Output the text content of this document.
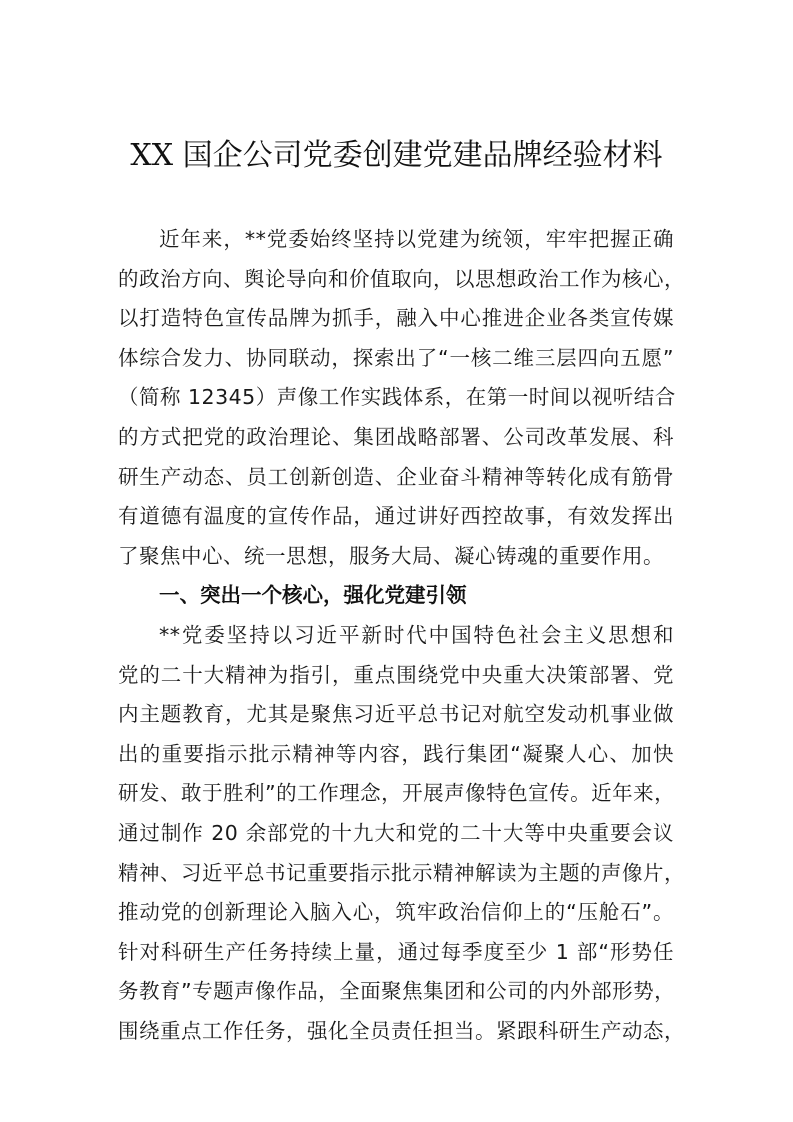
XX 国企公司党委创建党建品牌经验材料
近年来，**党委始终坚持以党建为统领，牢牢把握正确
的政治方向、舆论导向和价值取向，以思想政治工作为核心，
以打造特色宣传品牌为抓手，融入中心推进企业各类宣传媒
体综合发力、协同联动，探索出了“一核二维三层四向五愿”
（简称 12345）声像工作实践体系，在第一时间以视听结合
的方式把党的政治理论、集团战略部署、公司改革发展、科
研生产动态、员工创新创造、企业奋斗精神等转化成有筋骨
有道德有温度的宣传作品，通过讲好西控故事，有效发挥出
了聚焦中心、统一思想，服务大局、凝心铸魂的重要作用。
一、突出一个核心，强化党建引领
**党委坚持以习近平新时代中国特色社会主义思想和
党的二十大精神为指引，重点围绕党中央重大决策部署、党
内主题教育，尤其是聚焦习近平总书记对航空发动机事业做
出的重要指示批示精神等内容，践行集团“凝聚人心、加快
研发、敢于胜利”的工作理念，开展声像特色宣传。近年来，
通过制作 20 余部党的十九大和党的二十大等中央重要会议
精神、习近平总书记重要指示批示精神解读为主题的声像片，
推动党的创新理论入脑入心，筑牢政治信仰上的“压舱石”。
针对科研生产任务持续上量，通过每季度至少 1 部“形势任
务教育”专题声像作品，全面聚焦集团和公司的内外部形势，
围绕重点工作任务，强化全员责任担当。紧跟科研生产动态，
